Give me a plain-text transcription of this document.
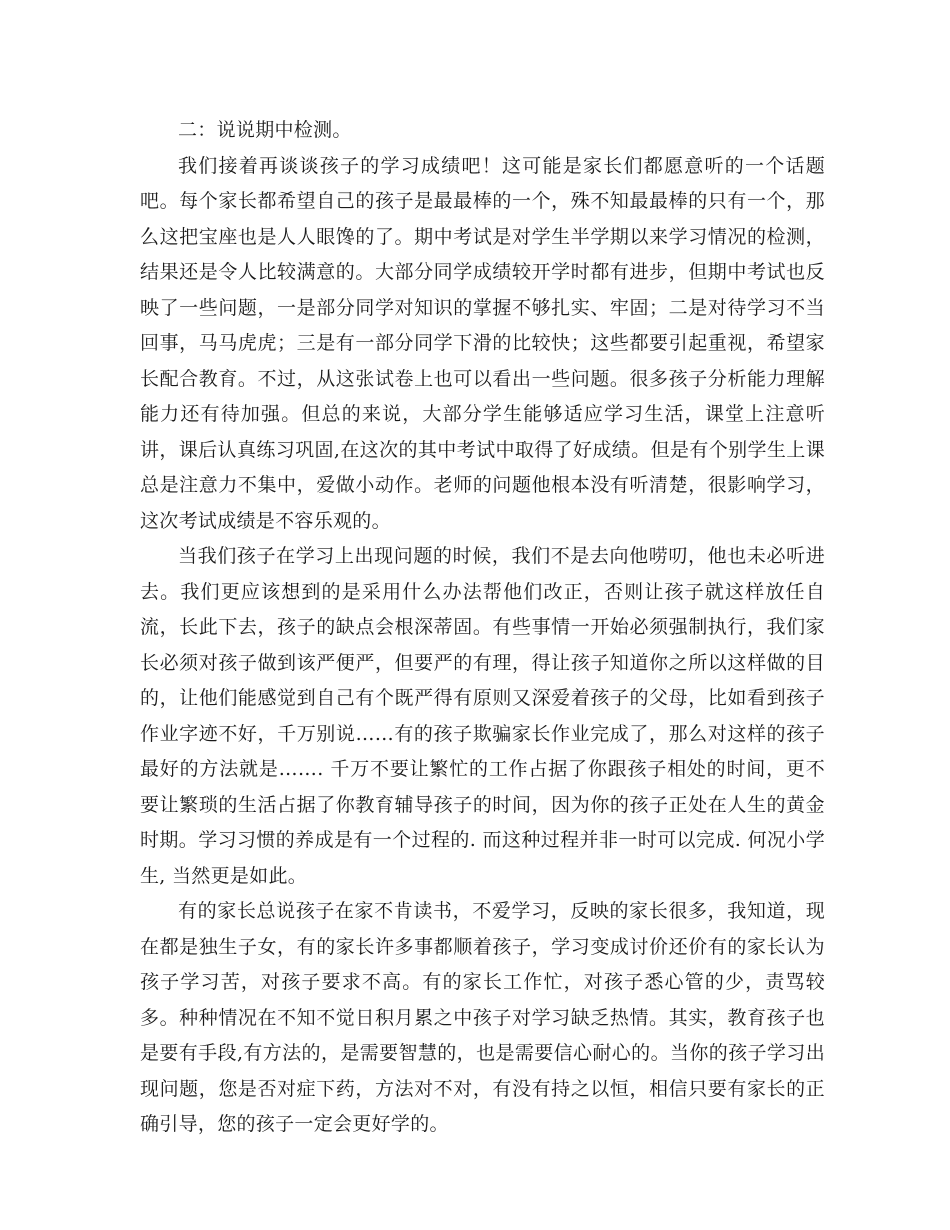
二：说说期中检测。

我们接着再谈谈孩子的学习成绩吧！这可能是家长们都愿意听的一个话题吧。每个家长都希望自己的孩子是最最棒的一个，殊不知最最棒的只有一个，那么这把宝座也是人人眼馋的了。期中考试是对学生半学期以来学习情况的检测，结果还是令人比较满意的。大部分同学成绩较开学时都有进步，但期中考试也反映了一些问题，一是部分同学对知识的掌握不够扎实、牢固；二是对待学习不当回事，马马虎虎；三是有一部分同学下滑的比较快；这些都要引起重视，希望家长配合教育。不过，从这张试卷上也可以看出一些问题。很多孩子分析能力理解能力还有待加强。但总的来说，大部分学生能够适应学习生活，课堂上注意听讲，课后认真练习巩固,在这次的其中考试中取得了好成绩。但是有个别学生上课总是注意力不集中，爱做小动作。老师的问题他根本没有听清楚，很影响学习，这次考试成绩是不容乐观的。

当我们孩子在学习上出现问题的时候，我们不是去向他唠叨，他也未必听进去。我们更应该想到的是采用什么办法帮他们改正，否则让孩子就这样放任自流，长此下去，孩子的缺点会根深蒂固。有些事情一开始必须强制执行，我们家长必须对孩子做到该严便严，但要严的有理，得让孩子知道你之所以这样做的目的，让他们能感觉到自己有个既严得有原则又深爱着孩子的父母，比如看到孩子作业字迹不好，千万别说……有的孩子欺骗家长作业完成了，那么对这样的孩子最好的方法就是……. 千万不要让繁忙的工作占据了你跟孩子相处的时间，更不要让繁琐的生活占据了你教育辅导孩子的时间，因为你的孩子正处在人生的黄金时期。学习习惯的养成是有一个过程的. 而这种过程并非一时可以完成. 何况小学生, 当然更是如此。

有的家长总说孩子在家不肯读书，不爱学习，反映的家长很多，我知道，现在都是独生子女，有的家长许多事都顺着孩子，学习变成讨价还价有的家长认为孩子学习苦，对孩子要求不高。有的家长工作忙，对孩子悉心管的少，责骂较多。种种情况在不知不觉日积月累之中孩子对学习缺乏热情。其实，教育孩子也是要有手段,有方法的，是需要智慧的，也是需要信心耐心的。当你的孩子学习出现问题，您是否对症下药，方法对不对，有没有持之以恒，相信只要有家长的正确引导，您的孩子一定会更好学的。
